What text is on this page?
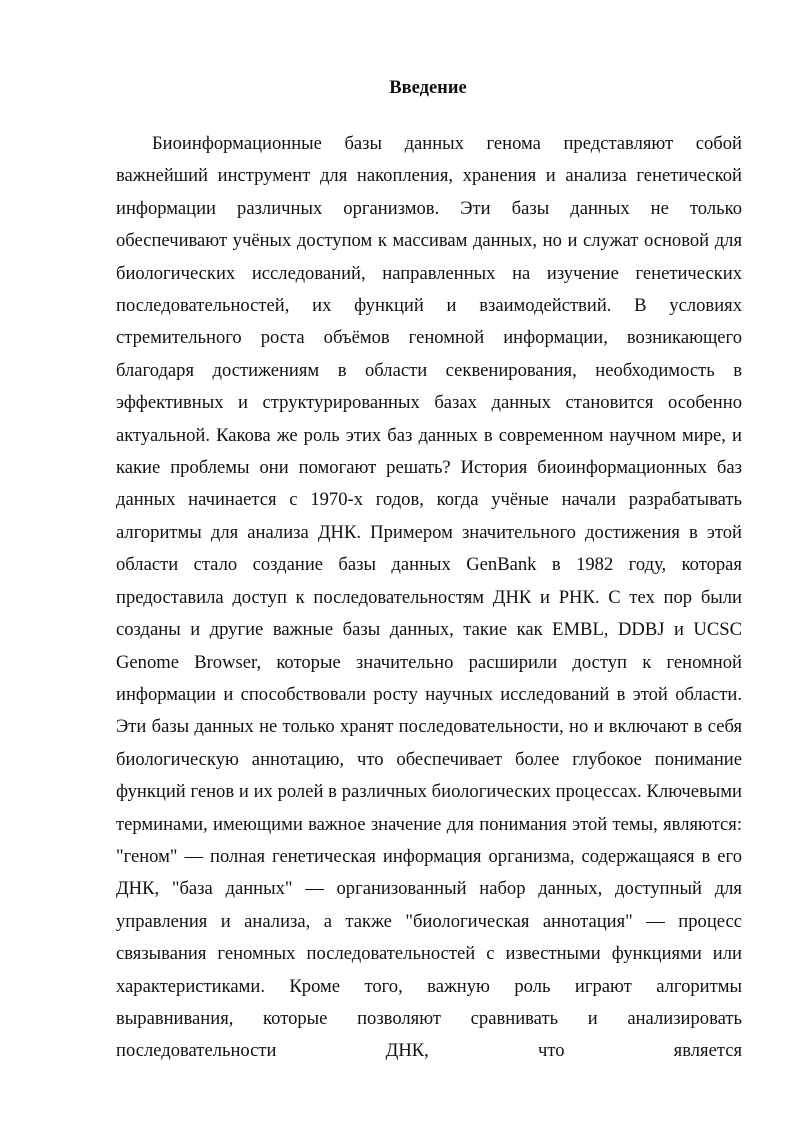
Введение

Биоинформационные базы данных генома представляют собой важнейший инструмент для накопления, хранения и анализа генетической информации различных организмов. Эти базы данных не только обеспечивают учёных доступом к массивам данных, но и служат основой для биологических исследований, направленных на изучение генетических последовательностей, их функций и взаимодействий. В условиях стремительного роста объёмов геномной информации, возникающего благодаря достижениям в области секвенирования, необходимость в эффективных и структурированных базах данных становится особенно актуальной. Какова же роль этих баз данных в современном научном мире, и какие проблемы они помогают решать? История биоинформационных баз данных начинается с 1970-х годов, когда учёные начали разрабатывать алгоритмы для анализа ДНК. Примером значительного достижения в этой области стало создание базы данных GenBank в 1982 году, которая предоставила доступ к последовательностям ДНК и РНК. С тех пор были созданы и другие важные базы данных, такие как EMBL, DDBJ и UCSC Genome Browser, которые значительно расширили доступ к геномной информации и способствовали росту научных исследований в этой области. Эти базы данных не только хранят последовательности, но и включают в себя биологическую аннотацию, что обеспечивает более глубокое понимание функций генов и их ролей в различных биологических процессах. Ключевыми терминами, имеющими важное значение для понимания этой темы, являются: "геном" — полная генетическая информация организма, содержащаяся в его ДНК, "база данных" — организованный набор данных, доступный для управления и анализа, а также "биологическая аннотация" — процесс связывания геномных последовательностей с известными функциями или характеристиками. Кроме того, важную роль играют алгоритмы выравнивания, которые позволяют сравнивать и анализировать последовательности ДНК, что является
